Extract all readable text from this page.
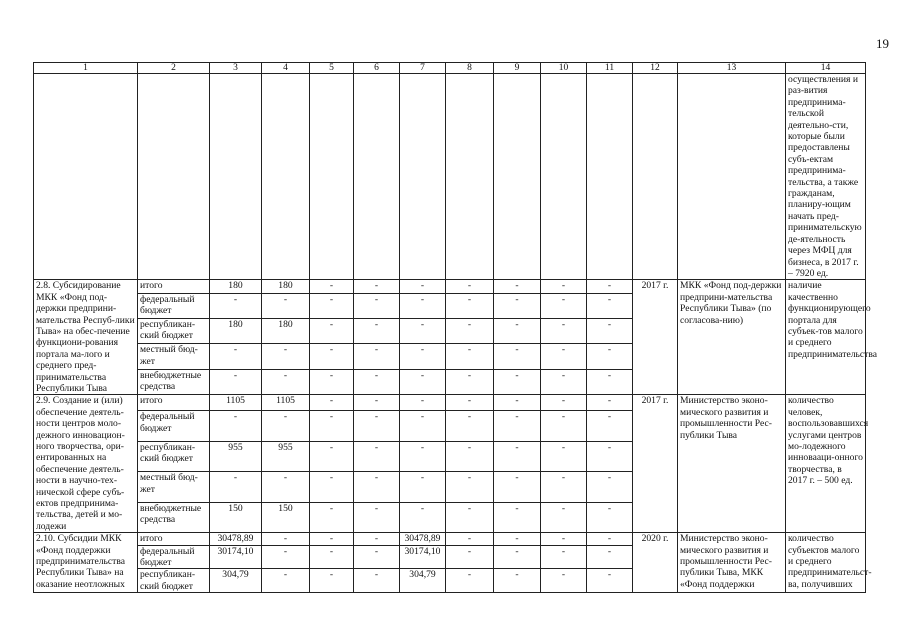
19
1	2	3	4	5	6	7	8	9	10	11	12	13	14
													осуществления и раз-вития предпринима-тельской деятельно-сти, которые были предоставлены субъ-ектам предпринима-тельства, а также гражданам, планиру-ющим начать пред-принимательскую де-ятельность через МФЦ для бизнеса, в 2017 г. – 7920 ед.
2.8. Субсидирование МКК «Фонд под-держки предприни-мательства Респуб-лики Тыва» на обес-печение функциони-рования портала ма-лого и среднего пред-принимательства Республики Тыва	итого	180	180	-	-	-	-	-	-	-	2017 г.	МКК «Фонд под-держки предприни-мательства Республики Тыва» (по согласова-нию)	наличие качественно функционирующего портала для субъек-тов малого и среднего предпринимательства
	федеральный бюджет	-	-	-	-	-	-	-	-	-			
	республикан-ский бюджет	180	180	-	-	-	-	-	-	-			
	местный бюд-жет	-	-	-	-	-	-	-	-	-			
	внебюджетные средства	-	-	-	-	-	-	-	-	-			
2.9. Создание и (или) обеспечение деятель-ности центров моло-дежного инновацион-ного творчества, ори-ентированных на обеспечение деятель-ности в научно-тех-нической сфере субъ-ектов предпринима-тельства, детей и мо-лодежи	итого	1105	1105	-	-	-	-	-	-	-	2017 г.	Министерство эконо-мического развития и промышленности Рес-публики Тыва	количество человек, воспользовавшихся услугами центров мо-лодежного инновааци-онного творчества, в 2017 г. – 500 ед.
	федеральный бюджет	-	-	-	-	-	-	-	-	-			
	республикан-ский бюджет	955	955	-	-	-	-	-	-	-			
	местный бюд-жет	-	-	-	-	-	-	-	-	-			
	внебюджетные средства	150	150	-	-	-	-	-	-	-			
2.10. Субсидии МКК «Фонд поддержки предпринимательства Республики Тыва» на оказание неотложных	итого	30478,89	-	-	-	30478,89	-	-	-	-	2020 г.	Министерство эконо-мического развития и промышленности Рес-публики Тыва, МКК «Фонд поддержки	количество субъектов малого и среднего предпринимательст-ва, получивших
	федеральный бюджет	30174,10	-	-	-	30174,10	-	-	-	-			
	республикан-ский бюджет	304,79	-	-	-	304,79	-	-	-	-			
